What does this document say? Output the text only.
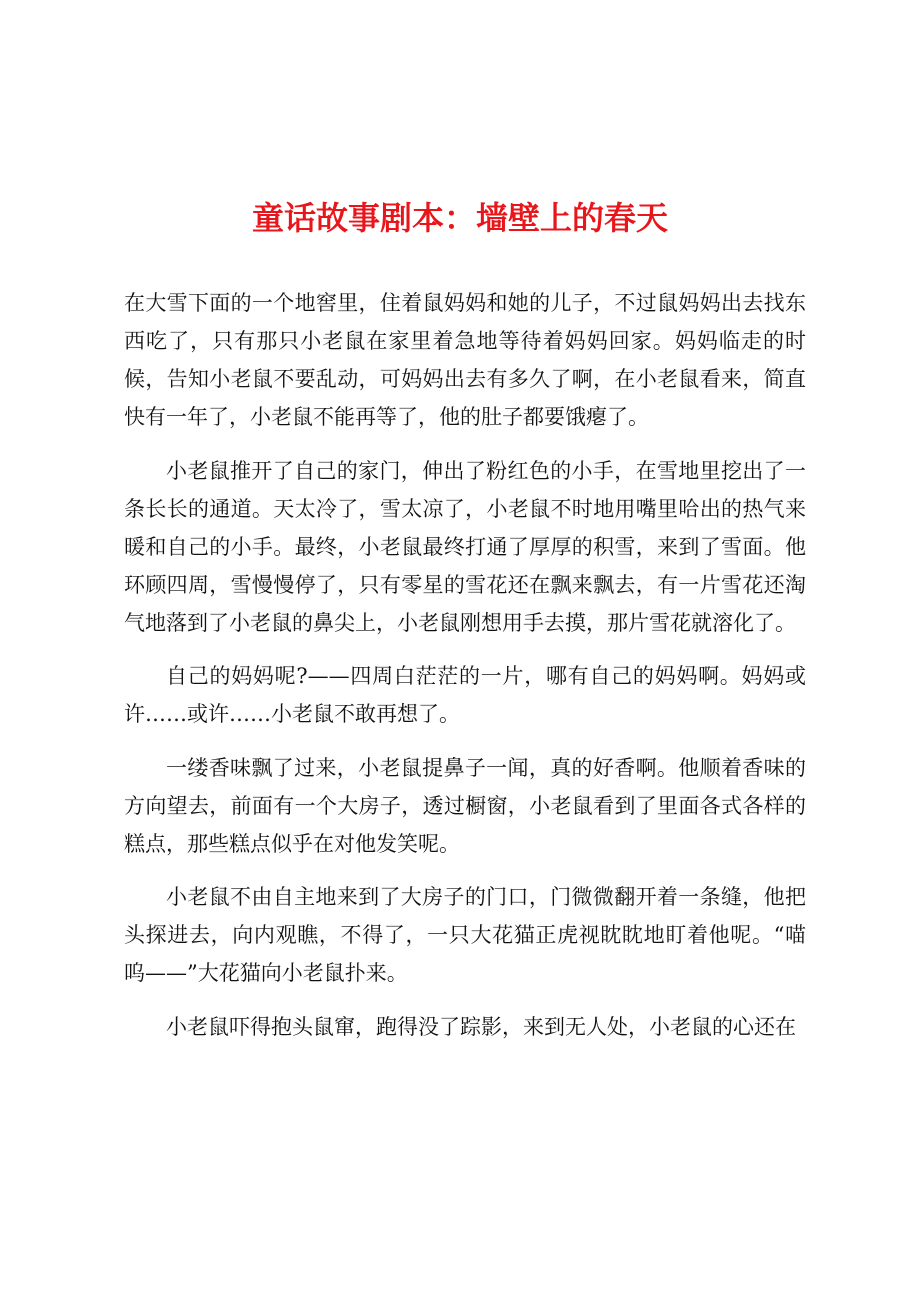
童话故事剧本：墙壁上的春天

在大雪下面的一个地窖里，住着鼠妈妈和她的儿子，不过鼠妈妈出去找东西吃了，只有那只小老鼠在家里着急地等待着妈妈回家。妈妈临走的时候，告知小老鼠不要乱动，可妈妈出去有多久了啊，在小老鼠看来，简直快有一年了，小老鼠不能再等了，他的肚子都要饿瘪了。

小老鼠推开了自己的家门，伸出了粉红色的小手，在雪地里挖出了一条长长的通道。天太冷了，雪太凉了，小老鼠不时地用嘴里哈出的热气来暖和自己的小手。最终，小老鼠最终打通了厚厚的积雪，来到了雪面。他环顾四周，雪慢慢停了，只有零星的雪花还在飘来飘去，有一片雪花还淘气地落到了小老鼠的鼻尖上，小老鼠刚想用手去摸，那片雪花就溶化了。

自己的妈妈呢?——四周白茫茫的一片，哪有自己的妈妈啊。妈妈或许……或许……小老鼠不敢再想了。

一缕香味飘了过来，小老鼠提鼻子一闻，真的好香啊。他顺着香味的方向望去，前面有一个大房子，透过橱窗，小老鼠看到了里面各式各样的糕点，那些糕点似乎在对他发笑呢。

小老鼠不由自主地来到了大房子的门口，门微微翻开着一条缝，他把头探进去，向内观瞧，不得了，一只大花猫正虎视眈眈地盯着他呢。“喵呜——”大花猫向小老鼠扑来。

小老鼠吓得抱头鼠窜，跑得没了踪影，来到无人处，小老鼠的心还在
